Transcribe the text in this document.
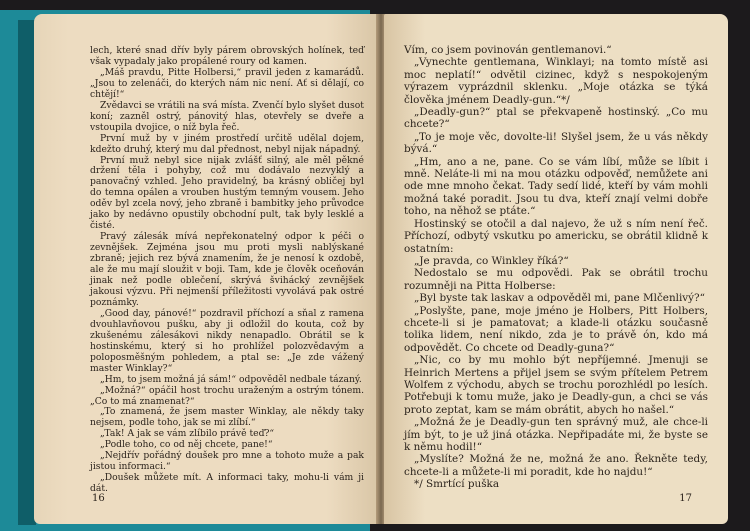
lech, které snad dřív byly párem obrovských holínek, teď však vypadaly jako propálené roury od kamen.

„Máš pravdu, Pitte Holbersi,“ pravil jeden z kamarádů. „Jsou to zelenáči, do kterých nám nic není. Ať si dělají, co chtějí!“

Zvědavci se vrátili na svá místa. Zvenčí bylo slyšet dusot koní; zazněl ostrý, pánovitý hlas, otevřely se dveře a vstoupila dvojice, o níž byla řeč.

První muž by v jiném prostředí určitě udělal dojem, kdežto druhý, který mu dal přednost, nebyl nijak nápadný.

První muž nebyl sice nijak zvlášť silný, ale měl pěkné držení těla i pohyby, což mu dodávalo nezvyklý a panovačný vzhled. Jeho pravidelný, ba krásný obličej byl do temna opálen a vrouben hustým temným vousem. Jeho oděv byl zcela nový, jeho zbraně i bambitky jeho průvodce jako by nedávno opustily obchodní pult, tak byly lesklé a čisté.

Pravý zálesák mívá nepřekonatelný odpor k péči o zevnějšek. Zejména jsou mu proti mysli nablýskané zbraně; jejich rez bývá znamením, že je nenosí k ozdobě, ale že mu mají sloužit v boji. Tam, kde je člověk oceňován jinak než podle oblečení, skrývá švihácký zevnějšek jakousi výzvu. Při nejmenší příležitosti vyvolává pak ostré poznámky.

„Good day, pánové!“ pozdravil příchozí a sňal z ramena dvouhlavňovou pušku, aby ji odložil do kouta, což by zkušenému zálesákovi nikdy nenapadlo. Obrátil se k hostinskému, který si ho prohlížel polozvědavým a poloposměšným pohledem, a ptal se: „Je zde vážený master Winklay?“

„Hm, to jsem možná já sám!“ odpověděl nedbale tázaný.

„Možná?“ opáčil host trochu uraženým a ostrým tónem. „Co to má znamenat?“

„To znamená, že jsem master Winklay, ale někdy taky nejsem, podle toho, jak se mi zlíbí.“

„Tak! A jak se vám zlíbilo právě teď?“

„Podle toho, co od něj chcete, pane!“

„Nejdřív pořádný doušek pro mne a tohoto muže a pak jistou informaci.“

„Doušek můžete mít. A informaci taky, mohu-li vám ji dát.

16

Vím, co jsem povinován gentlemanovi.“

„Vynechte gentlemana, Winklayi; na tomto místě asi moc neplatí!“ odvětil cizinec, když s nespokojeným výrazem vyprázdnil sklenku. „Moje otázka se týká člověka jménem Deadly-gun.“*/

„Deadly-gun?“ ptal se překvapeně hostinský. „Co mu chcete?“

„To je moje věc, dovolte-li! Slyšel jsem, že u vás někdy bývá.“

„Hm, ano a ne, pane. Co se vám líbí, může se líbit i mně. Neláte-li mi na mou otázku odpověď, nemůžete ani ode mne mnoho čekat. Tady sedí lidé, kteří by vám mohli možná také poradit. Jsou tu dva, kteří znají velmi dobře toho, na něhož se ptáte.“

Hostinský se otočil a dal najevo, že už s ním není řeč. Příchozí, odbytý vskutku po americku, se obrátil klidně k ostatním:

„Je pravda, co Winkley říká?“

Nedostalo se mu odpovědi. Pak se obrátil trochu rozumněji na Pitta Holberse:

„Byl byste tak laskav a odpověděl mi, pane Mlčenlivý?“

„Poslyšte, pane, moje jméno je Holbers, Pitt Holbers, chcete-li si je pamatovat; a klade-li otázku současně tolika lidem, není nikdo, zda je to právě ón, kdo má odpovědět. Co chcete od Deadly-guna?“

„Nic, co by mu mohlo být nepříjemné. Jmenuji se Heinrich Mertens a přijel jsem se svým přítelem Petrem Wolfem z východu, abych se trochu porozhlédl po lesích. Potřebuji k tomu muže, jako je Deadly-gun, a chci se vás proto zeptat, kam se mám obrátit, abych ho našel.“

„Možná že je Deadly-gun ten správný muž, ale chce-li jím být, to je už jiná otázka. Nepřipadáte mi, že byste se k němu hodil!“

„Myslíte? Možná že ne, možná že ano. Řekněte tedy, chcete-li a můžete-li mi poradit, kde ho najdu!“

*/ Smrtící puška

17
